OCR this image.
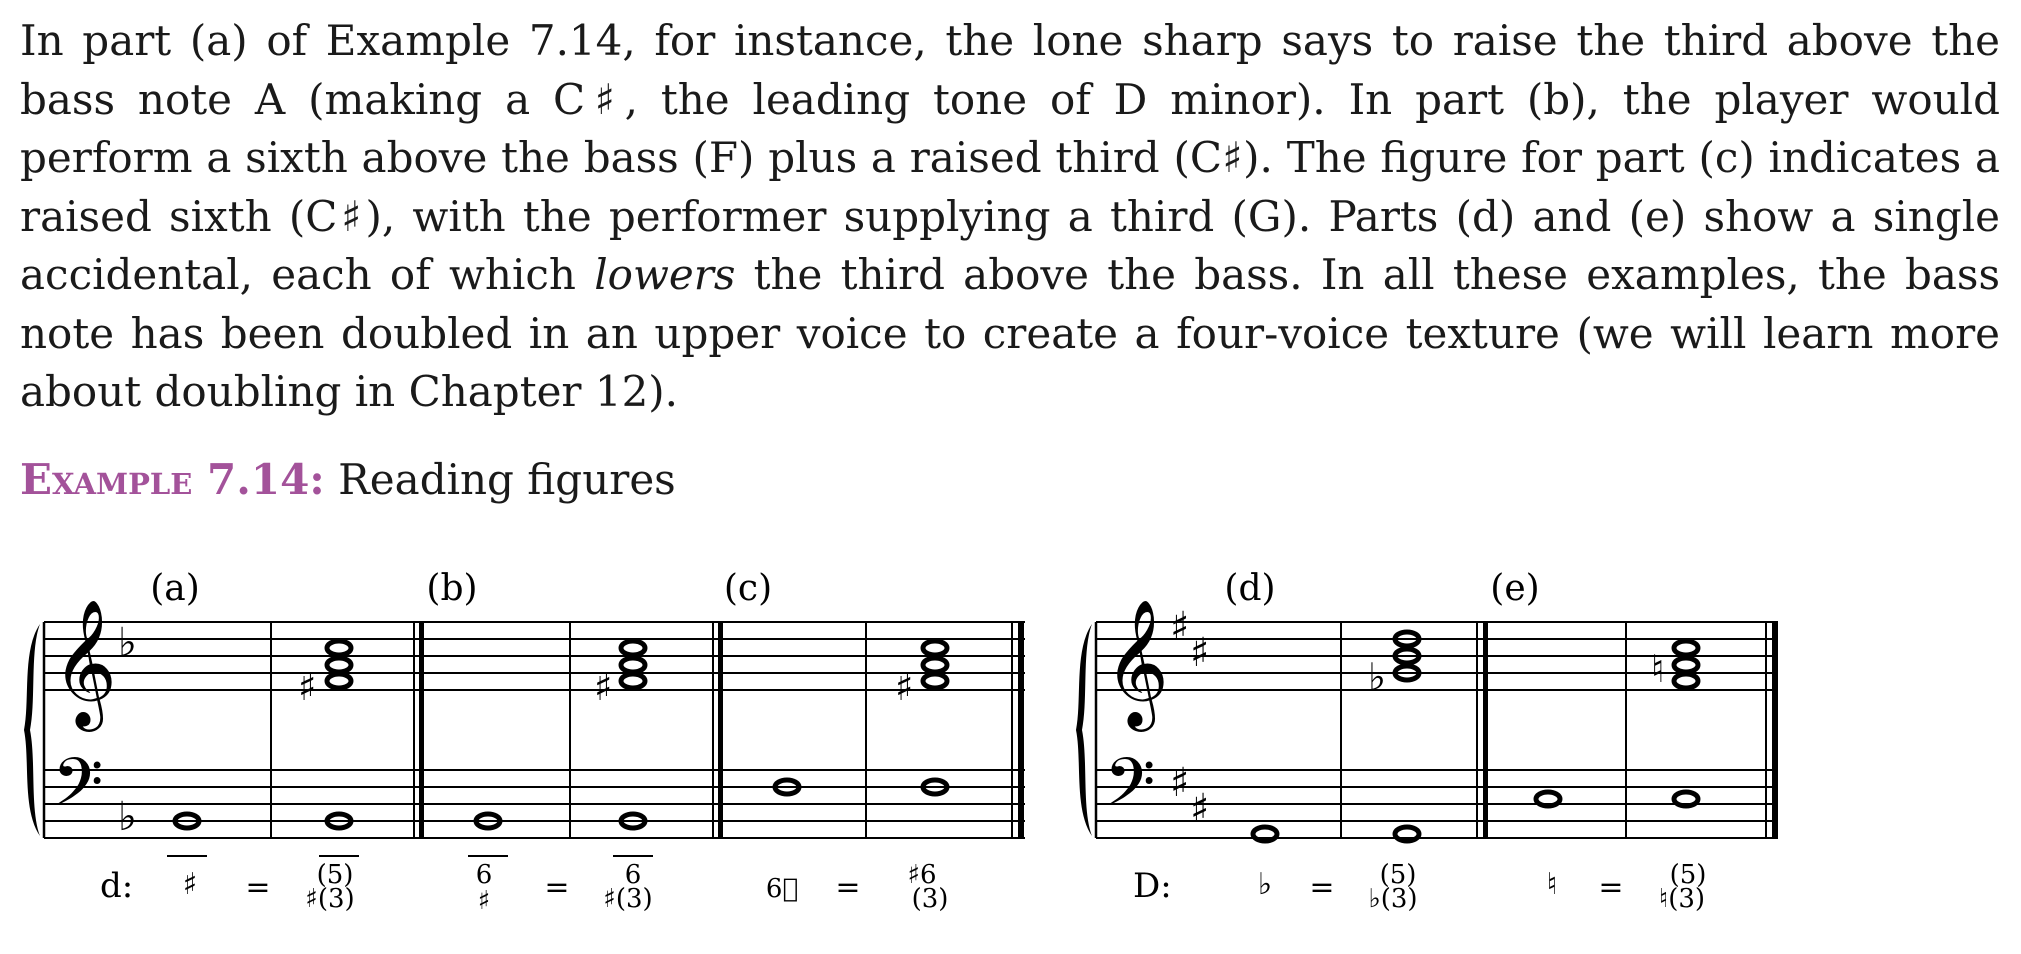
In part (a) of Example 7.14, for instance, the lone sharp says to raise the third above the bass note A (making a C♯, the leading tone of D minor). In part (b), the player would perform a sixth above the bass (F) plus a raised third (C♯). The figure for part (c) indicates a raised sixth (C♯), with the performer supplying a third (G). Parts (d) and (e) show a single accidental, each of which lowers the third above the bass. In all these examples, the bass note has been doubled in an upper voice to create a four-voice texture (we will learn more about doubling in Chapter 12).

Example 7.14: Reading figures
(a)	(b)	(c)
𝄞
𝄢
♭
♭
♯	♯	♯
d: ♯ = (5)
♯(3)
6
♯ = 6
♯(3)	6⃥ = ♯6
(3)
(d)	(e)
𝄞
𝄢
♯
♯
♯
♯
♭	♮
D:	♭ = (5)
♭(3)	♮ = (5)
♮(3)
